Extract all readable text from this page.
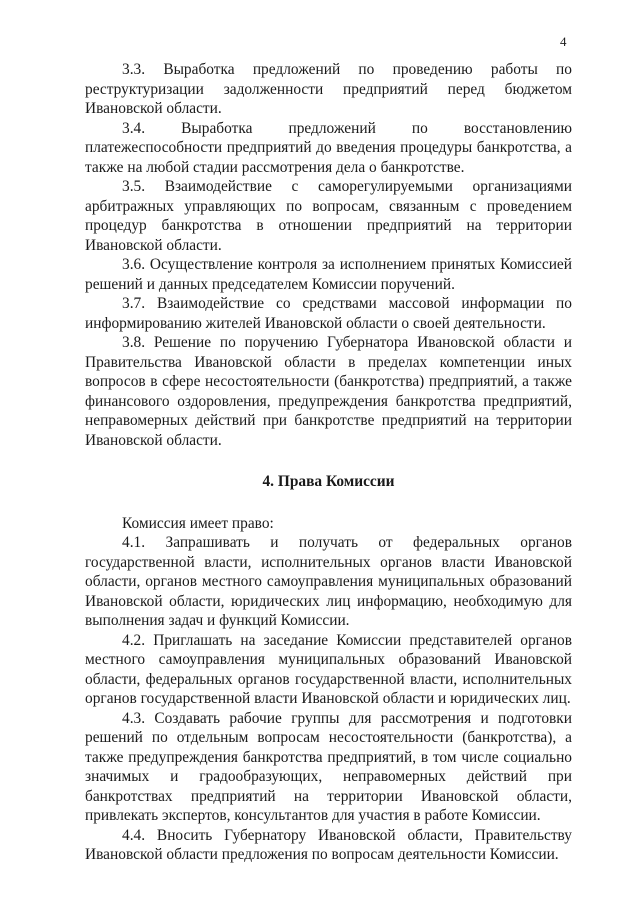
4

3.3. Выработка предложений по проведению работы по реструктуризации задолженности предприятий перед бюджетом Ивановской области.

3.4. Выработка предложений по восстановлению платежеспособности предприятий до введения процедуры банкротства, а также на любой стадии рассмотрения дела о банкротстве.

3.5. Взаимодействие с саморегулируемыми организациями арбитражных управляющих по вопросам, связанным с проведением процедур банкротства в отношении предприятий на территории Ивановской области.

3.6. Осуществление контроля за исполнением принятых Комиссией решений и данных председателем Комиссии поручений.

3.7. Взаимодействие со средствами массовой информации по информированию жителей Ивановской области о своей деятельности.

3.8. Решение по поручению Губернатора Ивановской области и Правительства Ивановской области в пределах компетенции иных вопросов в сфере несостоятельности (банкротства) предприятий, а также финансового оздоровления, предупреждения банкротства предприятий, неправомерных действий при банкротстве предприятий на территории Ивановской области.

4. Права Комиссии

Комиссия имеет право:

4.1. Запрашивать и получать от федеральных органов государственной власти, исполнительных органов власти Ивановской области, органов местного самоуправления муниципальных образований Ивановской области, юридических лиц информацию, необходимую для выполнения задач и функций Комиссии.

4.2. Приглашать на заседание Комиссии представителей органов местного самоуправления муниципальных образований Ивановской области, федеральных органов государственной власти, исполнительных органов государственной власти Ивановской области и юридических лиц.

4.3. Создавать рабочие группы для рассмотрения и подготовки решений по отдельным вопросам несостоятельности (банкротства), а также предупреждения банкротства предприятий, в том числе социально значимых и градообразующих, неправомерных действий при банкротствах предприятий на территории Ивановской области, привлекать экспертов, консультантов для участия в работе Комиссии.

4.4. Вносить Губернатору Ивановской области, Правительству Ивановской области предложения по вопросам деятельности Комиссии.
